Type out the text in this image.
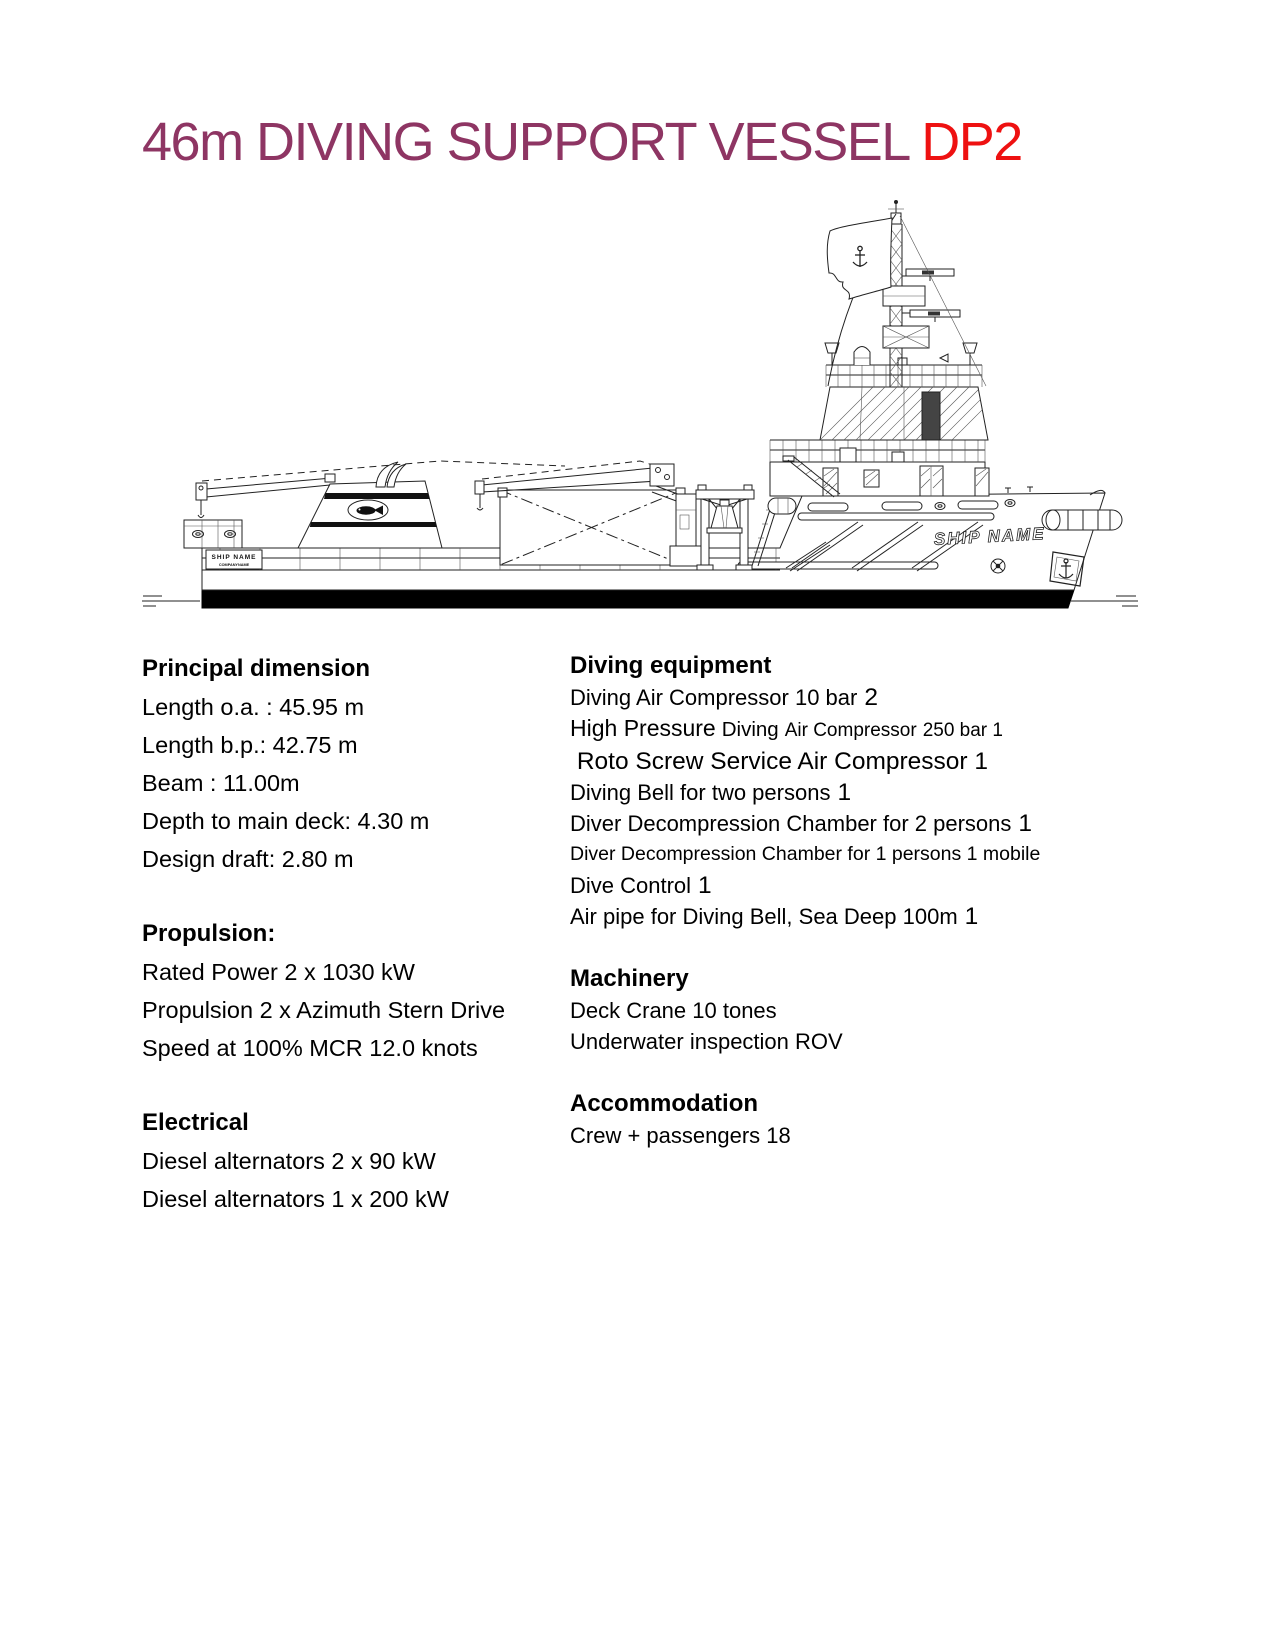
46m DIVING SUPPORT VESSEL DP2
SHIP NAME
SHIP NAME
COMPANYNAME
Principal dimension
Length o.a. : 45.95 m
Length b.p.: 42.75 m
Beam : 11.00m
Depth to main deck: 4.30 m
Design draft: 2.80 m
Propulsion:
Rated Power 2 x 1030 kW
Propulsion 2 x Azimuth Stern Drive
Speed at 100% MCR 12.0 knots
Electrical
Diesel alternators 2 x 90 kW
Diesel alternators 1 x 200 kW
Diving equipment
Diving Air Compressor 10 bar 2
High Pressure Diving Air Compressor 250 bar 1
Roto Screw Service Air Compressor 1
Diving Bell for two persons 1
Diver Decompression Chamber for 2 persons 1
Diver Decompression Chamber for 1 persons 1 mobile
Dive Control 1
Air pipe for Diving Bell, Sea Deep 100m 1
Machinery
Deck Crane 10 tones
Underwater inspection ROV
Accommodation
Crew + passengers 18
